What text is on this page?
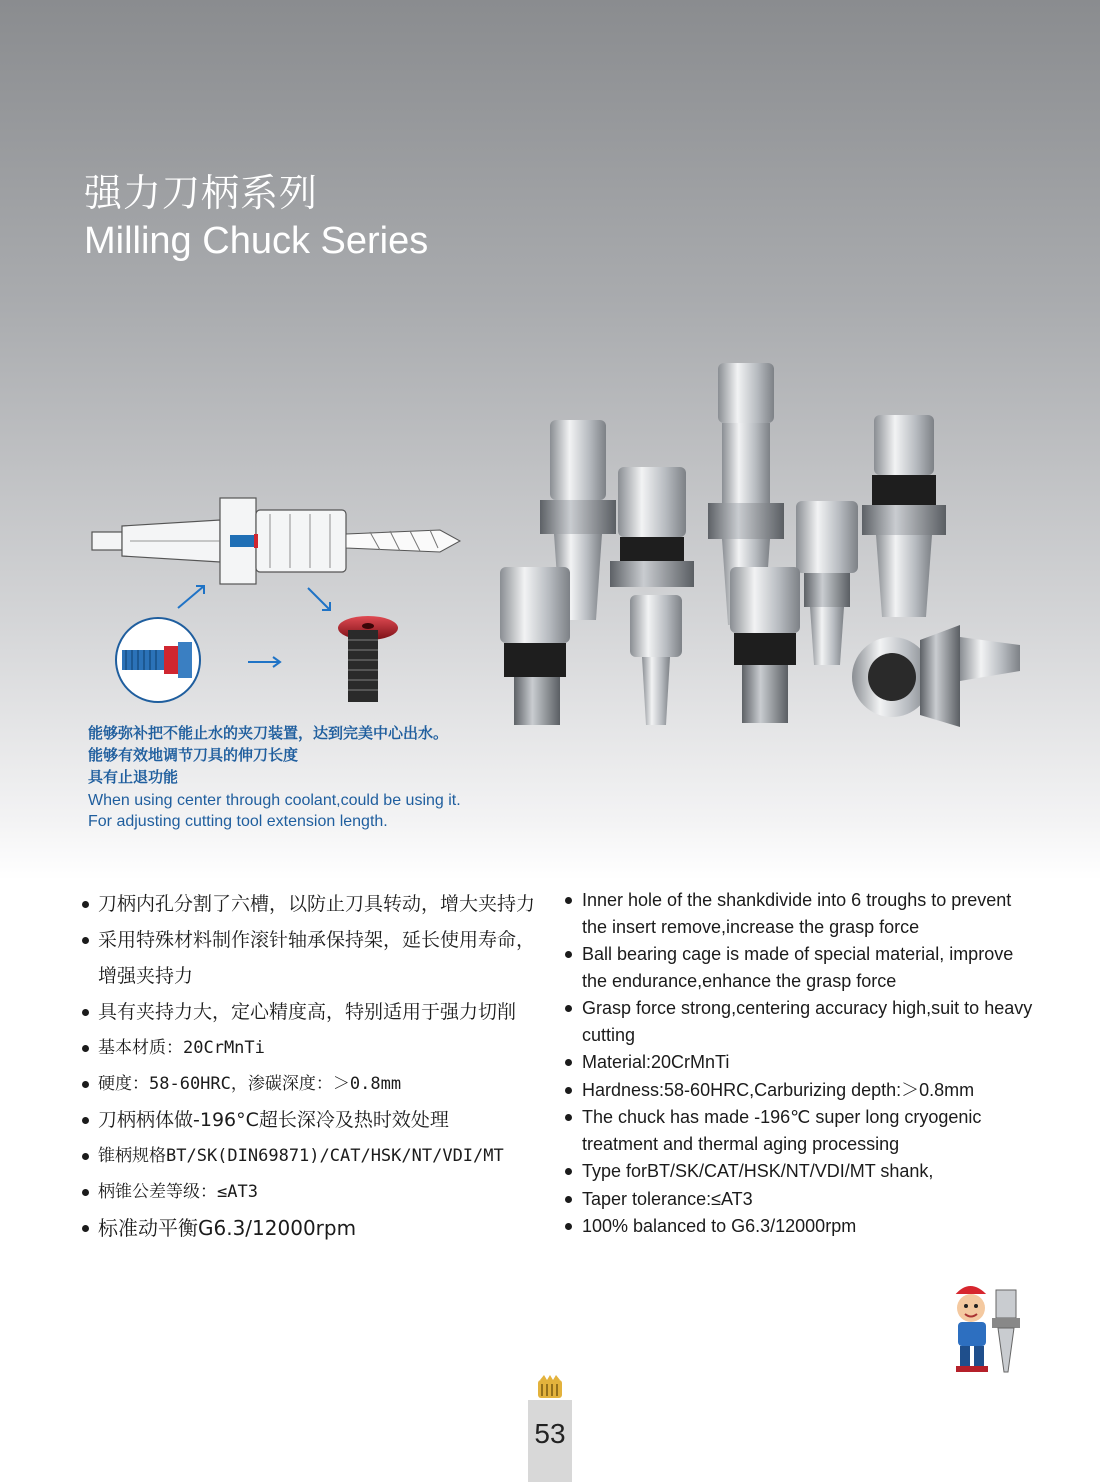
强力刀柄系列
Milling Chuck Series

能够弥补把不能止水的夹刀装置，达到完美中心出水。

能够有效地调节刀具的伸刀长度

具有止退功能

When using center through coolant,could be using it.

For adjusting cutting tool extension length.

刀柄内孔分割了六槽，以防止刀具转动，增大夹持力
采用特殊材料制作滚针轴承保持架，延长使用寿命，增强夹持力
具有夹持力大，定心精度高，特别适用于强力切削
基本材质：20CrMnTi
硬度：58-60HRC，渗碳深度：＞0.8mm
刀柄柄体做-196°C超长深冷及热时效处理
锥柄规格BT/SK(DIN69871)/CAT/HSK/NT/VDI/MT
柄锥公差等级：≤AT3
标准动平衡G6.3/12000rpm
Inner hole of the shankdivide into 6 troughs to prevent the insert remove,increase the grasp force
Ball bearing cage is made of special material, improve the endurance,enhance the grasp force
Grasp force strong,centering accuracy high,suit to heavy cutting
Material:20CrMnTi
Hardness:58-60HRC,Carburizing depth:＞0.8mm
The chuck has made -196℃ super long cryogenic treatment and thermal aging processing
Type forBT/SK/CAT/HSK/NT/VDI/MT shank,
Taper tolerance:≤AT3
100% balanced to G6.3/12000rpm
53
